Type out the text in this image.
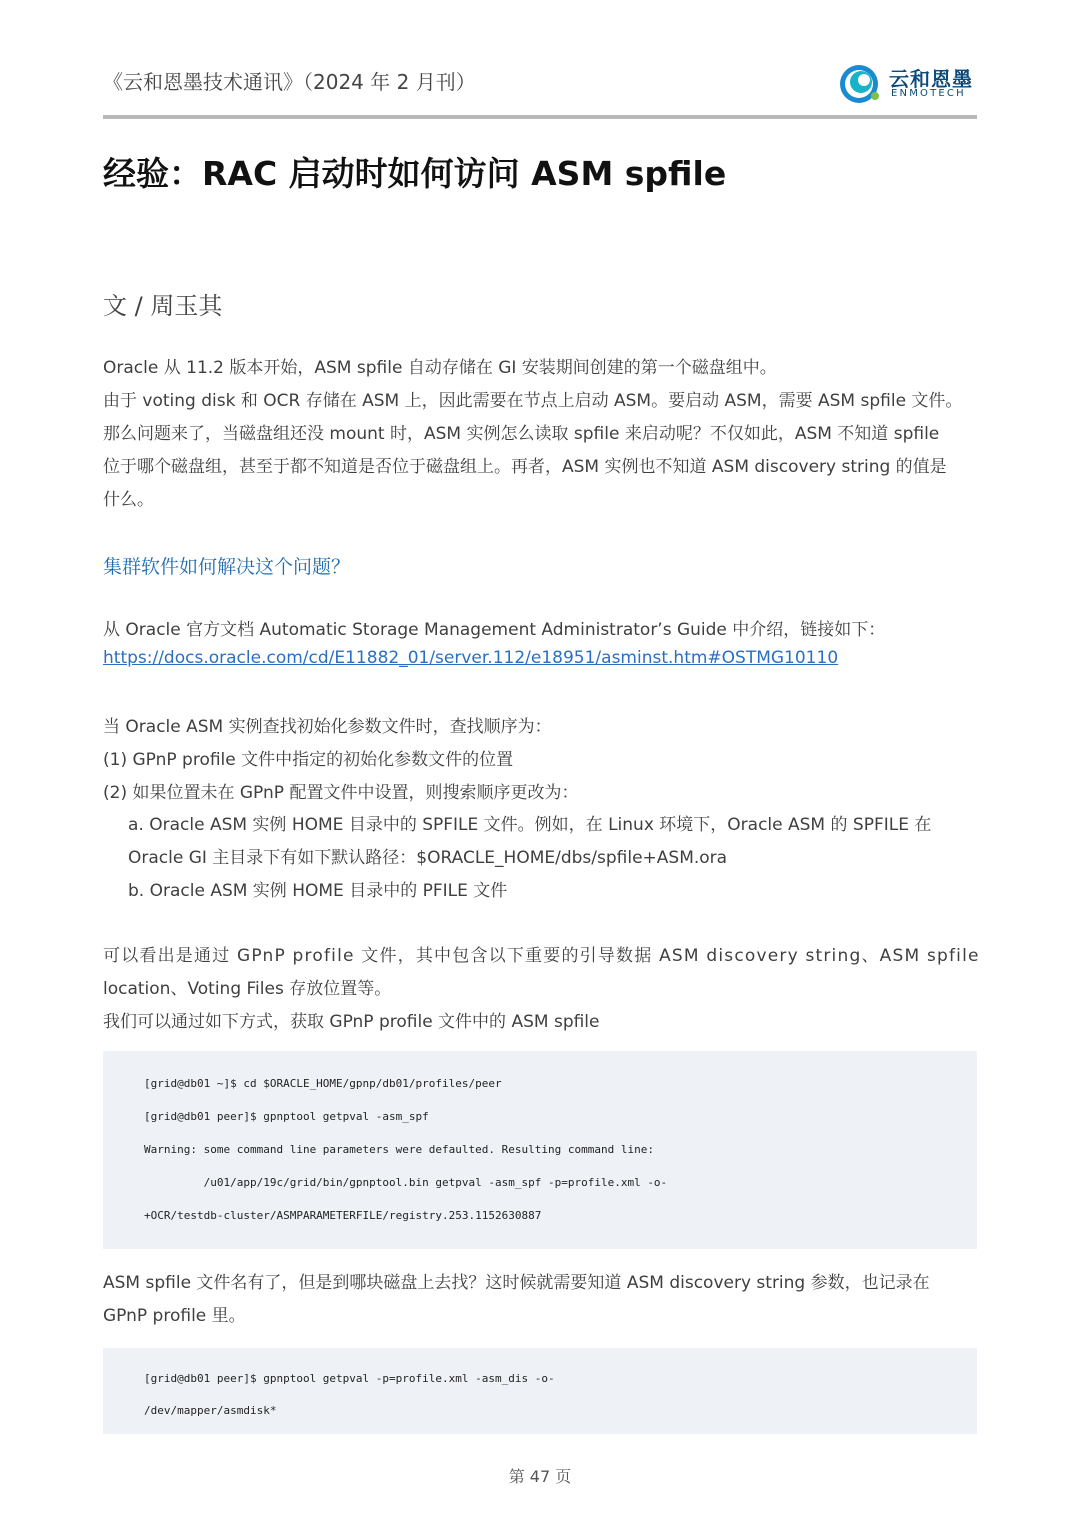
《云和恩墨技术通讯》（2024 年 2 月刊）	云和恩墨
ENMOTECH
经验：RAC 启动时如何访问 ASM spfile
文 / 周玉其
Oracle 从 11.2 版本开始，ASM spfile 自动存储在 GI 安装期间创建的第一个磁盘组中。
由于 voting disk 和 OCR 存储在 ASM 上，因此需要在节点上启动 ASM。要启动 ASM，需要 ASM spfile 文件。
那么问题来了，当磁盘组还没 mount 时，ASM 实例怎么读取 spfile 来启动呢？不仅如此，ASM 不知道 spfile
位于哪个磁盘组，甚至于都不知道是否位于磁盘组上。再者，ASM 实例也不知道 ASM discovery string 的值是
什么。
集群软件如何解决这个问题？
从 Oracle 官方文档 Automatic Storage Management Administrator’s Guide 中介绍，链接如下：
https://docs.oracle.com/cd/E11882_01/server.112/e18951/asminst.htm#OSTMG10110
当 Oracle ASM 实例查找初始化参数文件时，查找顺序为：
(1) GPnP profile 文件中指定的初始化参数文件的位置
(2) 如果位置未在 GPnP 配置文件中设置，则搜索顺序更改为：
a. Oracle ASM 实例 HOME 目录中的 SPFILE 文件。例如，在 Linux 环境下，Oracle ASM 的 SPFILE 在
Oracle GI 主目录下有如下默认路径：$ORACLE_HOME/dbs/spfile+ASM.ora
b. Oracle ASM 实例 HOME 目录中的 PFILE 文件
可以看出是通过 GPnP profile 文件，其中包含以下重要的引导数据 ASM discovery string、ASM spfile
location、Voting Files 存放位置等。
我们可以通过如下方式，获取 GPnP profile 文件中的 ASM spfile
[grid@db01 ~]$ cd $ORACLE_HOME/gpnp/db01/profiles/peer
[grid@db01 peer]$ gpnptool getpval -asm_spf
Warning: some command line parameters were defaulted. Resulting command line:
/u01/app/19c/grid/bin/gpnptool.bin getpval -asm_spf -p=profile.xml -o-
+OCR/testdb-cluster/ASMPARAMETERFILE/registry.253.1152630887
ASM spfile 文件名有了，但是到哪块磁盘上去找？这时候就需要知道 ASM discovery string 参数，也记录在
GPnP profile 里。
[grid@db01 peer]$ gpnptool getpval -p=profile.xml -asm_dis -o-
/dev/mapper/asmdisk*
第 47 页
